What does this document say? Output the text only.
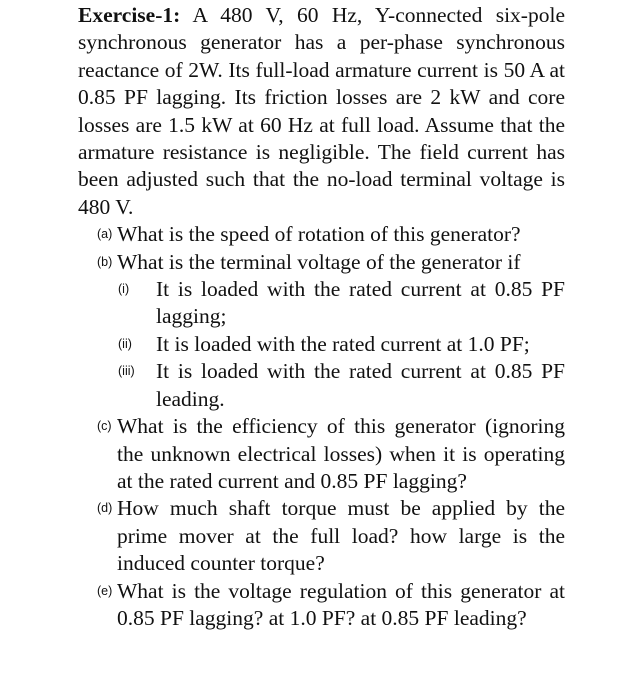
Exercise-1: A 480 V, 60 Hz, Y-connected six-pole synchronous generator has a per-phase synchronous reactance of 2W. Its full-load armature current is 50 A at 0.85 PF lagging. Its friction losses are 2 kW and core losses are 1.5 kW at 60 Hz at full load. Assume that the armature resistance is negligible. The field current has been adjusted such that the no-load terminal voltage is 480 V.

(a) What is the speed of rotation of this generator?
(b) What is the terminal voltage of the generator if
(i) It is loaded with the rated current at 0.85 PF lagging;
(ii) It is loaded with the rated current at 1.0 PF;
(iii) It is loaded with the rated current at 0.85 PF leading.
(c) What is the efficiency of this generator (ignoring the unknown electrical losses) when it is operating at the rated current and 0.85 PF lagging?
(d) How much shaft torque must be applied by the prime mover at the full load? how large is the induced counter torque?
(e) What is the voltage regulation of this generator at 0.85 PF lagging? at 1.0 PF? at 0.85 PF leading?
